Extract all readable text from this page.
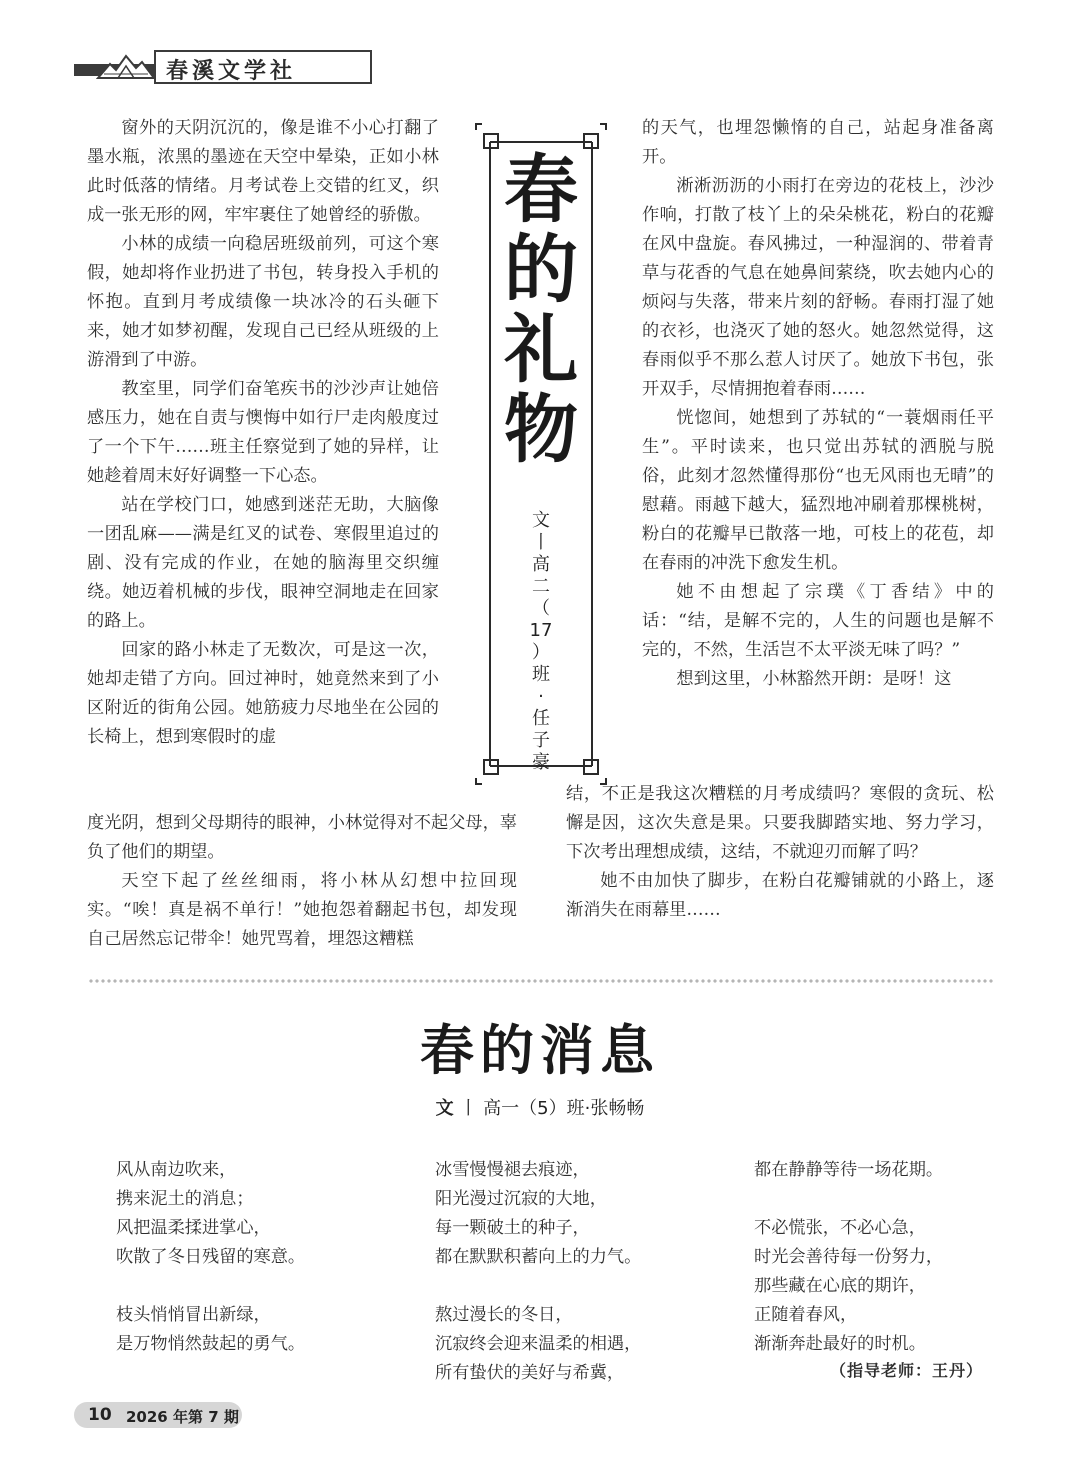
春溪文学社

窗外的天阴沉沉的，像是谁不小心打翻了墨水瓶，浓黑的墨迹在天空中晕染，正如小林此时低落的情绪。月考试卷上交错的红叉，织成一张无形的网，牢牢裹住了她曾经的骄傲。

小林的成绩一向稳居班级前列，可这个寒假，她却将作业扔进了书包，转身投入手机的怀抱。直到月考成绩像一块冰冷的石头砸下来，她才如梦初醒，发现自己已经从班级的上游滑到了中游。

教室里，同学们奋笔疾书的沙沙声让她倍感压力，她在自责与懊悔中如行尸走肉般度过了一个下午……班主任察觉到了她的异样，让她趁着周末好好调整一下心态。

站在学校门口，她感到迷茫无助，大脑像一团乱麻——满是红叉的试卷、寒假里追过的剧、没有完成的作业，在她的脑海里交织缠绕。她迈着机械的步伐，眼神空洞地走在回家的路上。

回家的路小林走了无数次，可是这一次，她却走错了方向。回过神时，她竟然来到了小区附近的街角公园。她筋疲力尽地坐在公园的长椅上，想到寒假时的虚

度光阴，想到父母期待的眼神，小林觉得对不起父母，辜负了他们的期望。

天空下起了丝丝细雨，将小林从幻想中拉回现实。“唉！真是祸不单行！”她抱怨着翻起书包，却发现自己居然忘记带伞！她咒骂着，埋怨这糟糕

的天气，也埋怨懒惰的自己，站起身准备离开。

淅淅沥沥的小雨打在旁边的花枝上，沙沙作响，打散了枝丫上的朵朵桃花，粉白的花瓣在风中盘旋。春风拂过，一种湿润的、带着青草与花香的气息在她鼻间萦绕，吹去她内心的烦闷与失落，带来片刻的舒畅。春雨打湿了她的衣衫，也浇灭了她的怒火。她忽然觉得，这春雨似乎不那么惹人讨厌了。她放下书包，张开双手，尽情拥抱着春雨……

恍惚间，她想到了苏轼的“一蓑烟雨任平生”。平时读来，也只觉出苏轼的洒脱与脱俗，此刻才忽然懂得那份“也无风雨也无晴”的慰藉。雨越下越大，猛烈地冲刷着那棵桃树，粉白的花瓣早已散落一地，可枝上的花苞，却在春雨的冲洗下愈发生机。

她不由想起了宗璞《丁香结》中的话：“结，是解不完的，人生的问题也是解不完的，不然，生活岂不太平淡无味了吗？”

想到这里，小林豁然开朗：是呀！这

结，不正是我这次糟糕的月考成绩吗？寒假的贪玩、松懈是因，这次失意是果。只要我脚踏实地、努力学习，下次考出理想成绩，这结，不就迎刃而解了吗？

她不由加快了脚步，在粉白花瓣铺就的小路上，逐渐消失在雨幕里……

春
的
礼
物
文
丨
高
二
（
17
）
班
·
任
子
豪
春的消息
文 丨 高一（5）班·张畅畅
风从南边吹来，
携来泥土的消息；
风把温柔揉进掌心，
吹散了冬日残留的寒意。
枝头悄悄冒出新绿，
是万物悄然鼓起的勇气。
冰雪慢慢褪去痕迹，
阳光漫过沉寂的大地，
每一颗破土的种子，
都在默默积蓄向上的力气。
熬过漫长的冬日，
沉寂终会迎来温柔的相遇，
所有蛰伏的美好与希冀，
都在静静等待一场花期。
不必慌张，不必心急，
时光会善待每一份努力，
那些藏在心底的期许，
正随着春风，
渐渐奔赴最好的时机。
（指导老师：王丹）
10 2026 年第 7 期
